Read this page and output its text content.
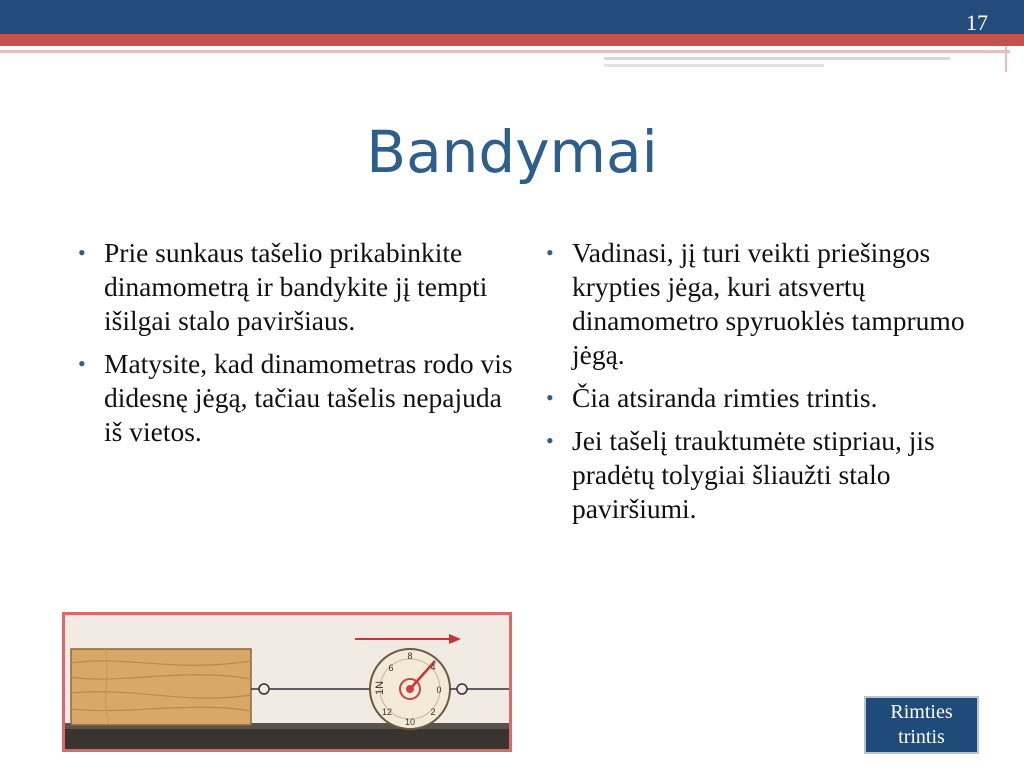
17
Bandymai
• Prie sunkaus tašelio prikabinkite dinamometrą ir bandykite jį tempti išilgai stalo paviršiaus.
• Matysite, kad dinamometras rodo vis didesnę jėgą, tačiau tašelis nepajuda iš vietos.
• Vadinasi, jį turi veikti priešingos krypties jėga, kuri atsvertų dinamometro spyruoklės tamprumo jėgą.
• Čia atsiranda rimties trintis.
• Jei tašelį trauktumėte stipriau, jis pradėtų tolygiai šliaužti stalo paviršiumi.
8
4
0
2
10
12
6
1N
Rimties
trintis
